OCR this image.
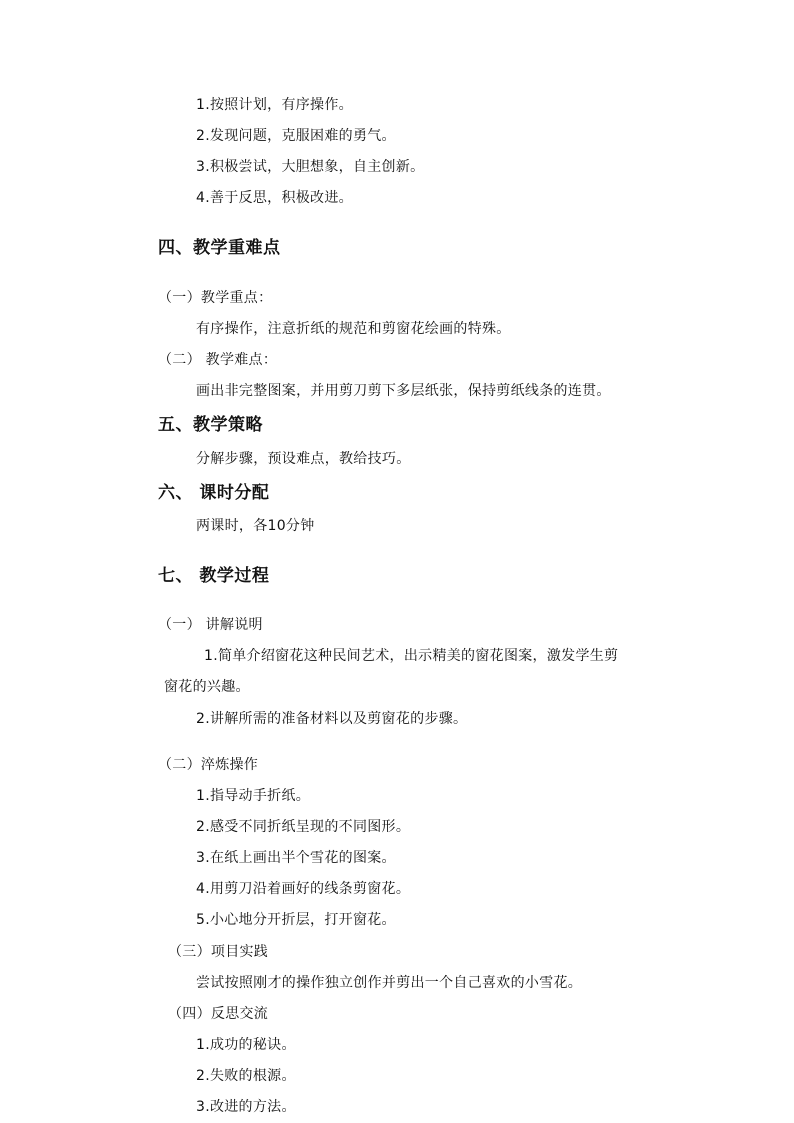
1.按照计划，有序操作。
2.发现问题，克服困难的勇气。
3.积极尝试，大胆想象，自主创新。
4.善于反思，积极改进。
四、教学重难点
（一）教学重点：
有序操作，注意折纸的规范和剪窗花绘画的特殊。
（二） 教学难点：
画出非完整图案，并用剪刀剪下多层纸张，保持剪纸线条的连贯。
五、教学策略
分解步骤，预设难点，教给技巧。
六、 课时分配
两课时，各10分钟
七、 教学过程
（一） 讲解说明
1.简单介绍窗花这种民间艺术，出示精美的窗花图案，激发学生剪
窗花的兴趣。
2.讲解所需的准备材料以及剪窗花的步骤。
（二）淬炼操作
1.指导动手折纸。
2.感受不同折纸呈现的不同图形。
3.在纸上画出半个雪花的图案。
4.用剪刀沿着画好的线条剪窗花。
5.小心地分开折层，打开窗花。
（三）项目实践
尝试按照刚才的操作独立创作并剪出一个自己喜欢的小雪花。
（四）反思交流
1.成功的秘诀。
2.失败的根源。
3.改进的方法。
